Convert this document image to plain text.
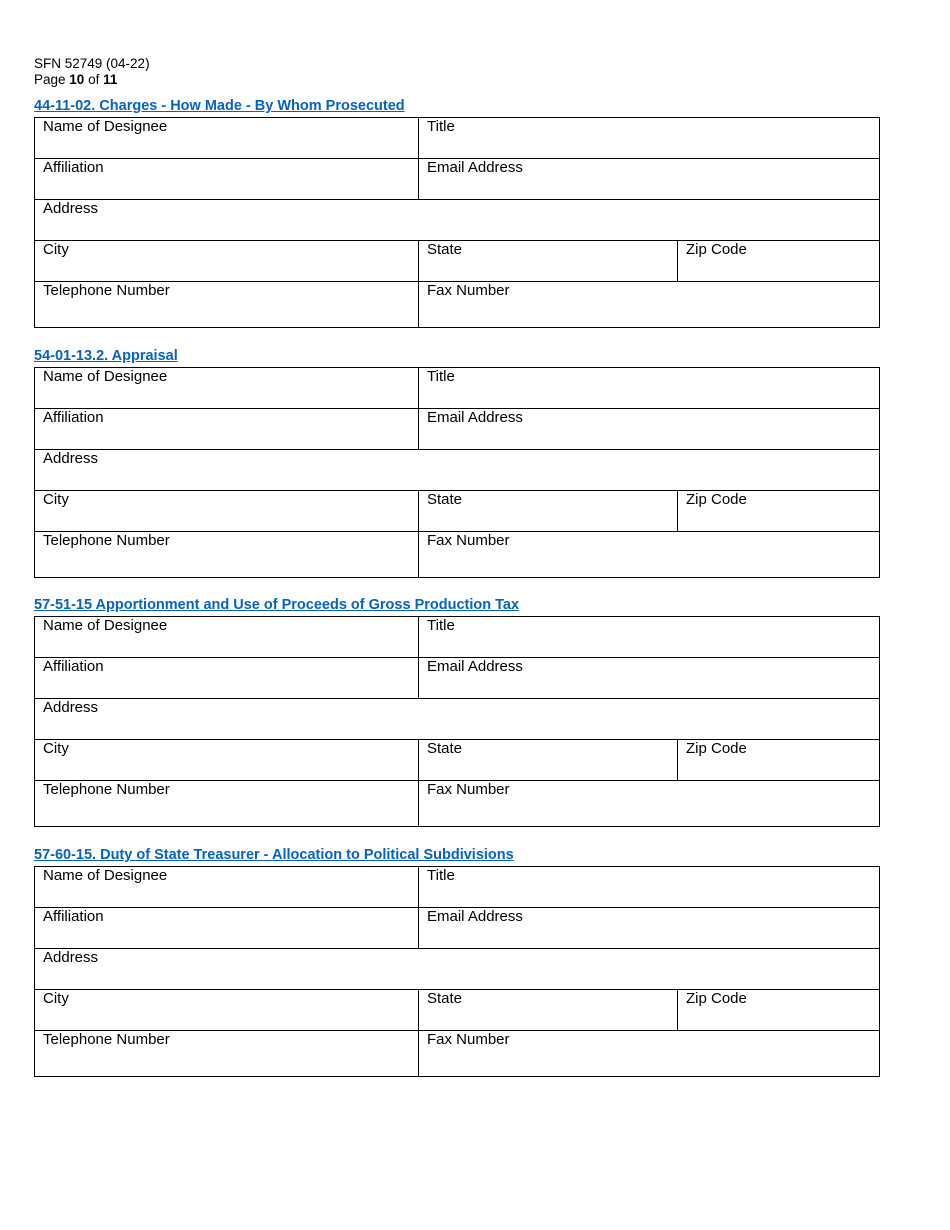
SFN 52749 (04-22)
Page 10 of 11
44-11-02. Charges - How Made - By Whom Prosecuted
Name of Designee	Title	

Affiliation	Email Address	

Address		

City	State	Zip Code

Telephone Number	Fax Number	
54-01-13.2. Appraisal
Name of Designee	Title	

Affiliation	Email Address	

Address		

City	State	Zip Code

Telephone Number	Fax Number	
57-51-15 Apportionment and Use of Proceeds of Gross Production Tax
Name of Designee	Title	

Affiliation	Email Address	

Address		

City	State	Zip Code

Telephone Number	Fax Number	
57-60-15. Duty of State Treasurer - Allocation to Political Subdivisions
Name of Designee	Title	

Affiliation	Email Address	

Address		

City	State	Zip Code

Telephone Number	Fax Number	
